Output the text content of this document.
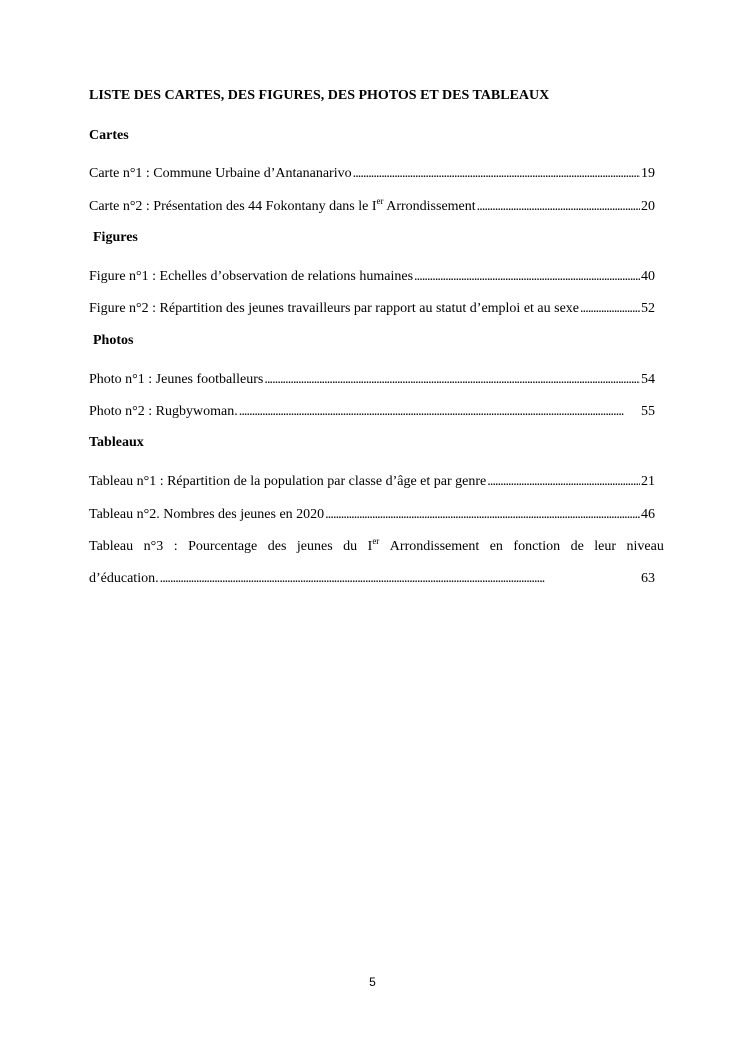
LISTE DES CARTES, DES FIGURES, DES PHOTOS ET DES TABLEAUX
Cartes
Carte n°1 : Commune Urbaine d’Antananarivo . . .	19
Carte n°2 : Présentation des 44 Fokontany dans le Ier Arrondissement . . .	20
Figures
Figure n°1 : Echelles d’observation de relations humaines . . .	40
Figure n°2 : Répartition des jeunes travailleurs par rapport au statut d’emploi et au sexe . . .	52
Photos
Photo n°1 : Jeunes footballeurs . . .	54
Photo n°2 : Rugbywoman. . . .	55
Tableaux
Tableau n°1 : Répartition de la population par classe d’âge et par genre . . .	21
Tableau n°2. Nombres des jeunes en 2020 . . .	46
Tableau n°3 : Pourcentage des jeunes du Ier Arrondissement en fonction de leur niveau
d’éducation. . . .	63
5
